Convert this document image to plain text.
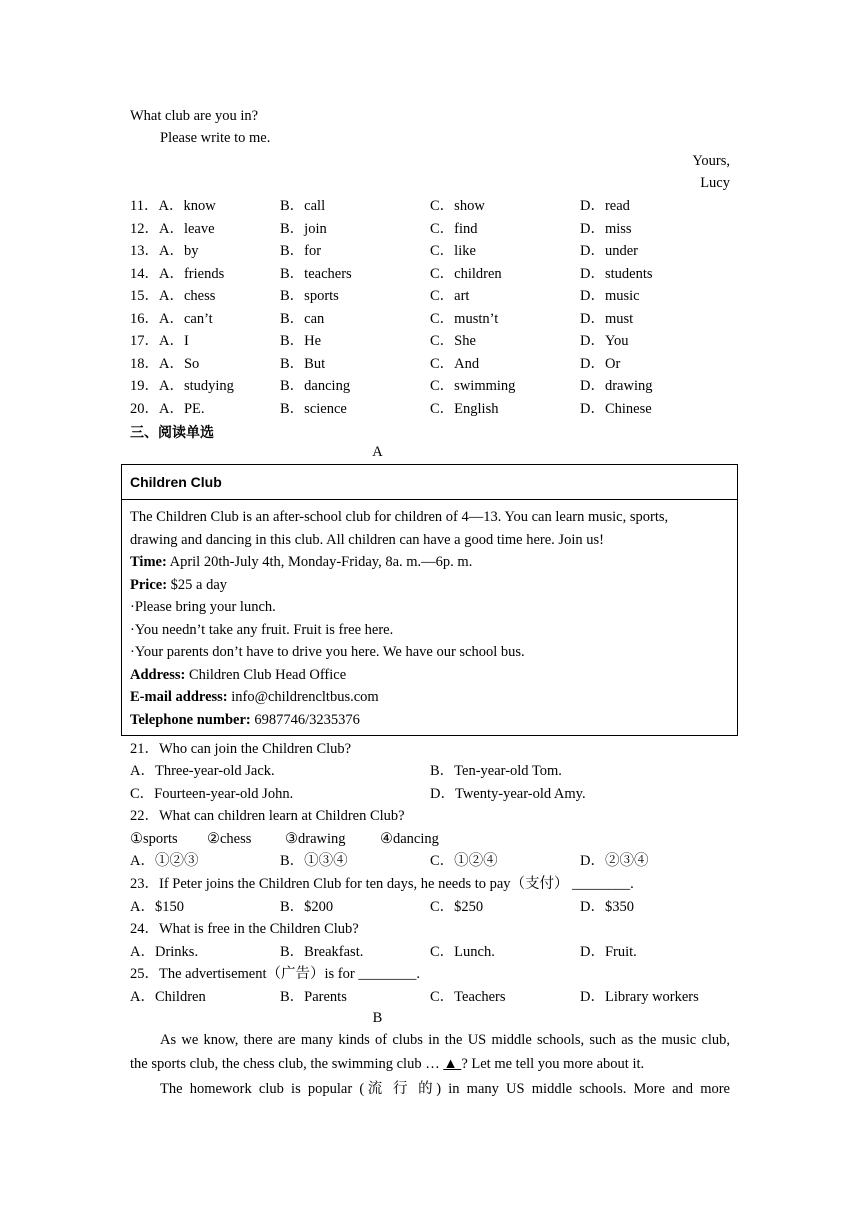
What club are you in?
Please write to me.
Yours,
Lucy
11．A．know	B．call	C．show	D．read
12．A．leave	B．join	C．find	D．miss
13．A．by	B．for	C．like	D．under
14．A．friends	B．teachers	C．children	D．students
15．A．chess	B．sports	C．art	D．music
16．A．can’t	B．can	C．mustn’t	D．must
17．A．I	B．He	C．She	D．You
18．A．So	B．But	C．And	D．Or
19．A．studying	B．dancing	C．swimming	D．drawing
20．A．PE.	B．science	C．English	D．Chinese
三、阅读单选
A
Children Club
The Children Club is an after-school club for children of 4—13. You can learn music, sports,
drawing and dancing in this club. All children can have a good time here. Join us!
Time: April 20th-July 4th, Monday-Friday, 8a. m.—6p. m.
Price: $25 a day
·Please bring your lunch.
·You needn’t take any fruit. Fruit is free here.
·Your parents don’t have to drive you here. We have our school bus.
Address: Children Club Head Office
E-mail address: info@childrencltbus.com
Telephone number: 6987746/3235376
21．Who can join the Children Club?
A．Three-year-old Jack.	B．Ten-year-old Tom.
C．Fourteen-year-old John.	D．Twenty-year-old Amy.
22．What can children learn at Children Club?
①sports ②chess ③drawing ④dancing
A．①②③	B．①③④	C．①②④	D．②③④
23．If Peter joins the Children Club for ten days, he needs to pay（支付） ________.
A．$150	B．$200	C．$250	D．$350
24．What is free in the Children Club?
A．Drinks.	B．Breakfast.	C．Lunch.	D．Fruit.
25．The advertisement（广告）is for ________.
A．Children	B．Parents	C．Teachers	D．Library workers
B
As we know, there are many kinds of clubs in the US middle schools, such as the music club,
the sports club, the chess club, the swimming club … ▲ ? Let me tell you more about it.
The homework club is popular (流 行 的) in many US middle schools. More and more
